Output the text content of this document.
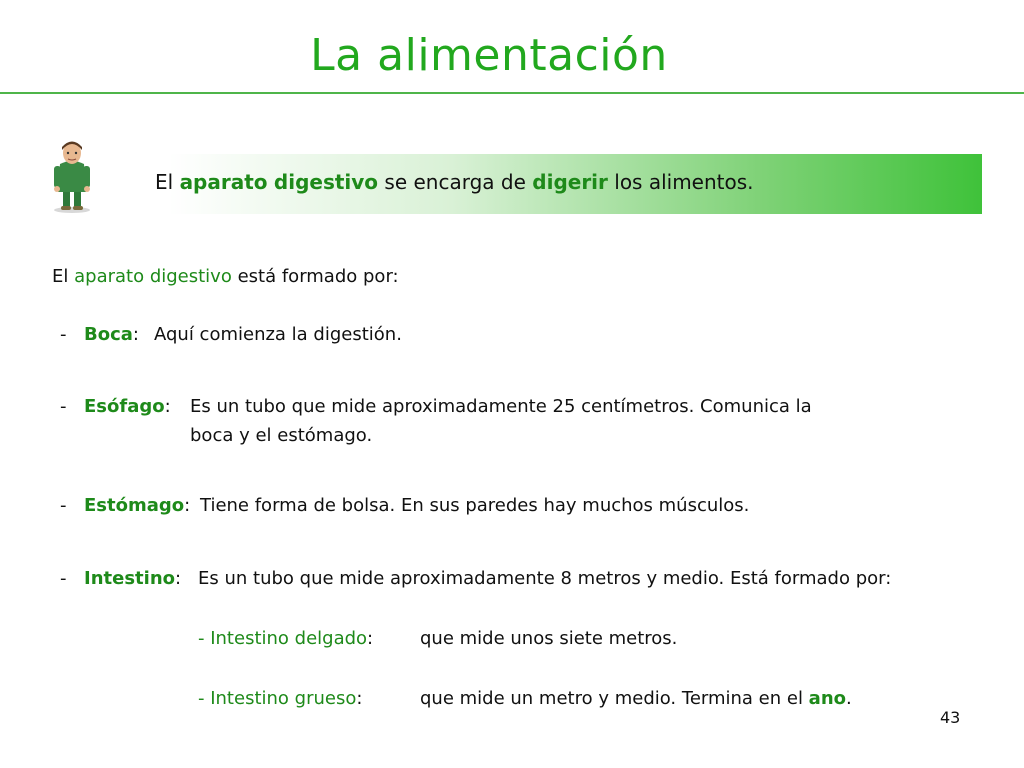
La alimentación
El aparato digestivo se encarga de digerir los alimentos.
El aparato digestivo está formado por:
- Boca: Aquí comienza la digestión.
- Esófago: Es un tubo que mide aproximadamente 25 centímetros. Comunica la
boca y el estómago.
- Estómago: Tiene forma de bolsa. En sus paredes hay muchos músculos.
- Intestino: Es un tubo que mide aproximadamente 8 metros y medio. Está formado por:
- Intestino delgado:	que mide unos siete metros.
- Intestino grueso:	que mide un metro y medio. Termina en el ano.
43
